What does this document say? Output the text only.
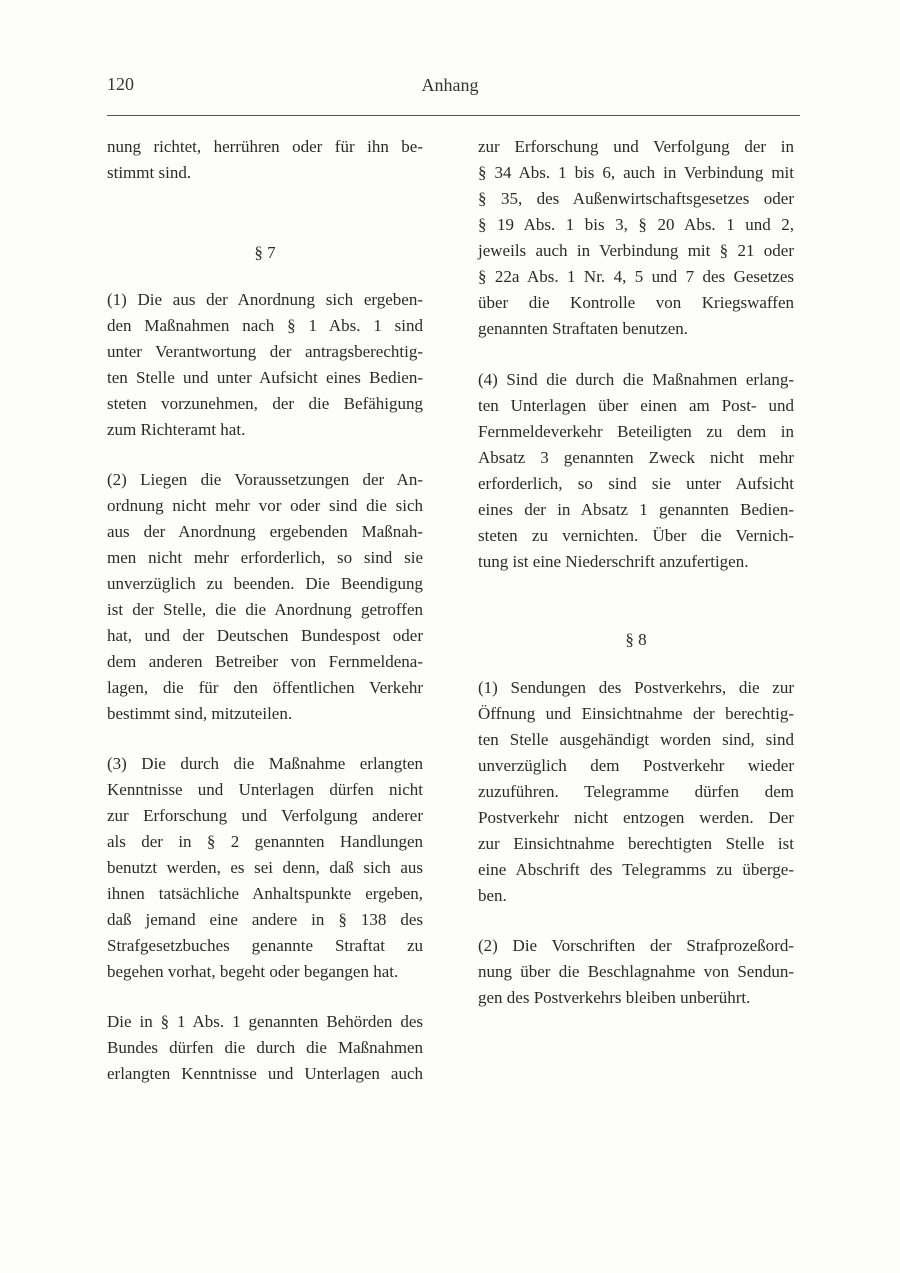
120	Anhang
nung richtet, herrühren oder für ihn be-
stimmt sind.
§ 7
(1) Die aus der Anordnung sich ergeben-
den Maßnahmen nach § 1 Abs. 1 sind
unter Verantwortung der antragsberechtig-
ten Stelle und unter Aufsicht eines Bedien-
steten vorzunehmen, der die Befähigung
zum Richteramt hat.
(2) Liegen die Voraussetzungen der An-
ordnung nicht mehr vor oder sind die sich
aus der Anordnung ergebenden Maßnah-
men nicht mehr erforderlich, so sind sie
unverzüglich zu beenden. Die Beendigung
ist der Stelle, die die Anordnung getroffen
hat, und der Deutschen Bundespost oder
dem anderen Betreiber von Fernmeldena-
lagen, die für den öffentlichen Verkehr
bestimmt sind, mitzuteilen.
(3) Die durch die Maßnahme erlangten
Kenntnisse und Unterlagen dürfen nicht
zur Erforschung und Verfolgung anderer
als der in § 2 genannten Handlungen
benutzt werden, es sei denn, daß sich aus
ihnen tatsächliche Anhaltspunkte ergeben,
daß jemand eine andere in § 138 des
Strafgesetzbuches genannte Straftat zu
begehen vorhat, begeht oder begangen hat.
Die in § 1 Abs. 1 genannten Behörden des
Bundes dürfen die durch die Maßnahmen
erlangten Kenntnisse und Unterlagen auch
zur Erforschung und Verfolgung der in
§ 34 Abs. 1 bis 6, auch in Verbindung mit
§ 35, des Außenwirtschaftsgesetzes oder
§ 19 Abs. 1 bis 3, § 20 Abs. 1 und 2,
jeweils auch in Verbindung mit § 21 oder
§ 22a Abs. 1 Nr. 4, 5 und 7 des Gesetzes
über die Kontrolle von Kriegswaffen
genannten Straftaten benutzen.
(4) Sind die durch die Maßnahmen erlang-
ten Unterlagen über einen am Post- und
Fernmeldeverkehr Beteiligten zu dem in
Absatz 3 genannten Zweck nicht mehr
erforderlich, so sind sie unter Aufsicht
eines der in Absatz 1 genannten Bedien-
steten zu vernichten. Über die Vernich-
tung ist eine Niederschrift anzufertigen.
§ 8
(1) Sendungen des Postverkehrs, die zur
Öffnung und Einsichtnahme der berechtig-
ten Stelle ausgehändigt worden sind, sind
unverzüglich dem Postverkehr wieder
zuzuführen. Telegramme dürfen dem
Postverkehr nicht entzogen werden. Der
zur Einsichtnahme berechtigten Stelle ist
eine Abschrift des Telegramms zu überge-
ben.
(2) Die Vorschriften der Strafprozeßord-
nung über die Beschlagnahme von Sendun-
gen des Postverkehrs bleiben unberührt.
